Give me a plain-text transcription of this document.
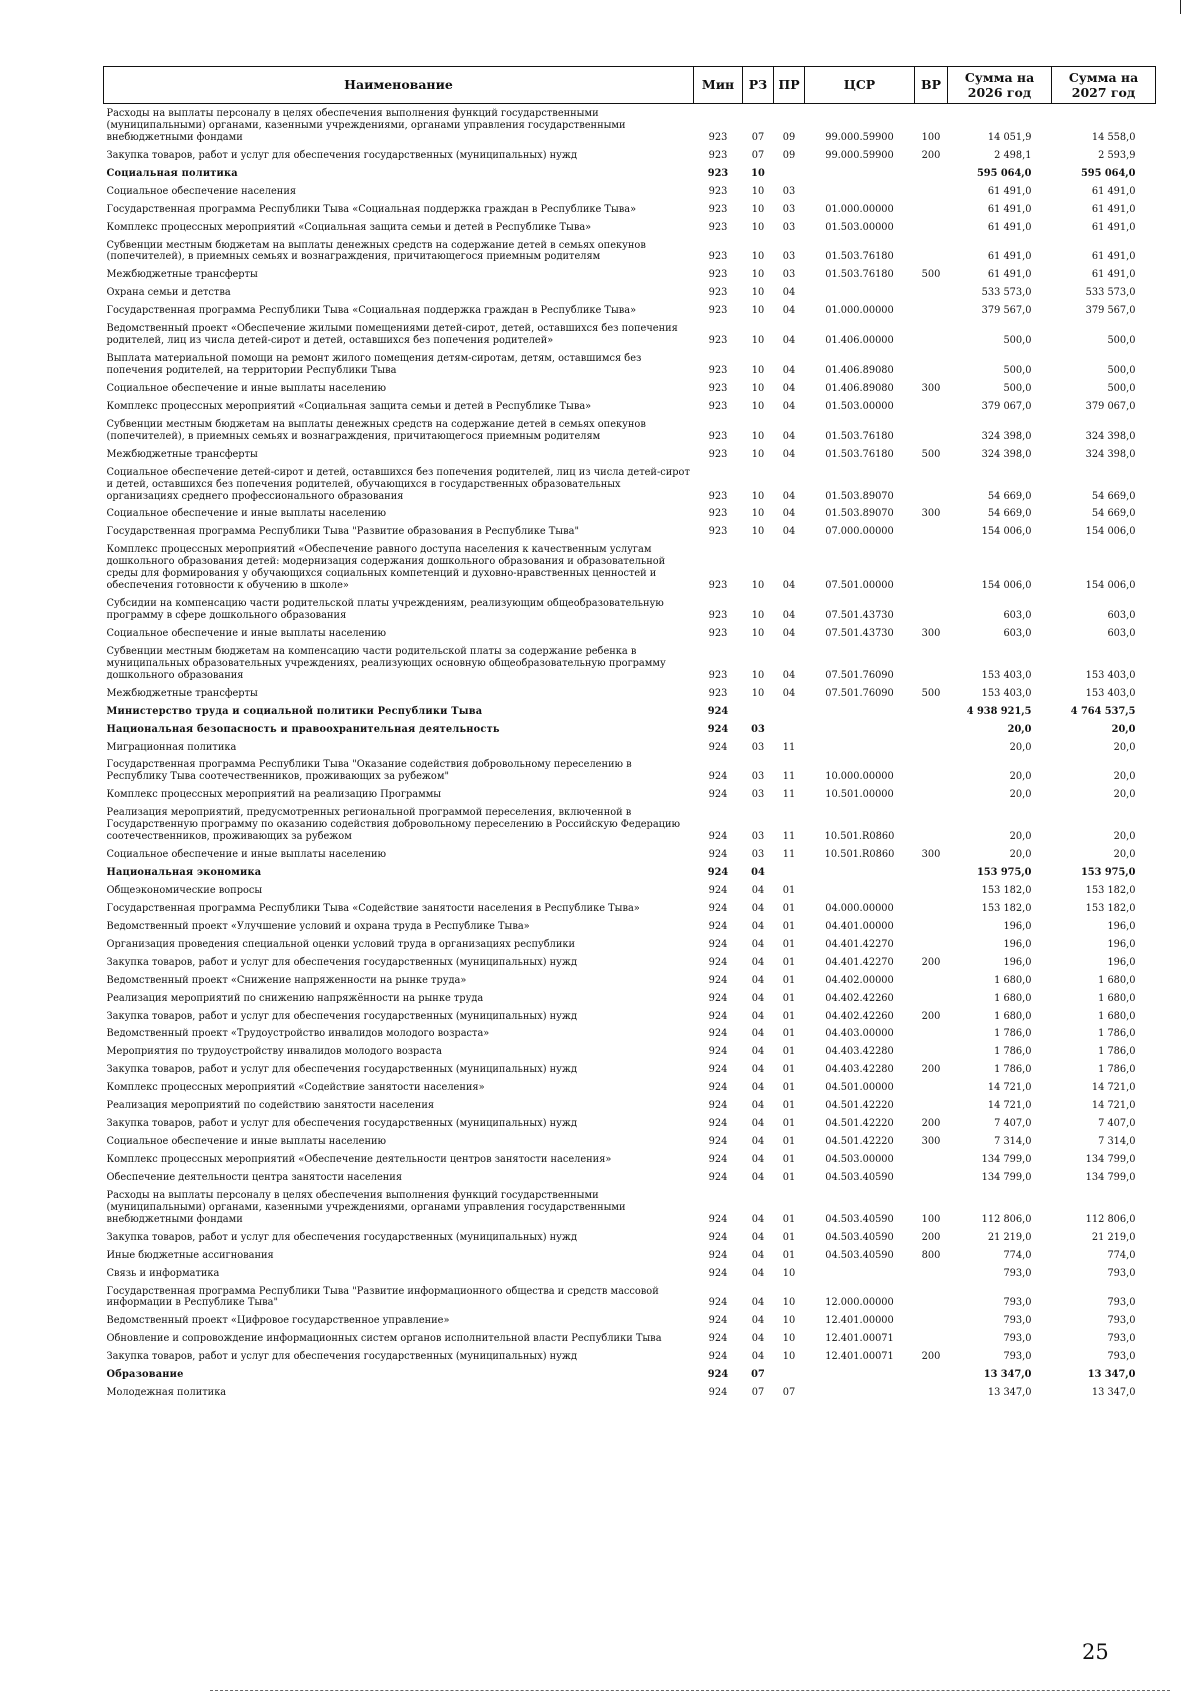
Наименование	Мин	РЗ	ПР	ЦСР	ВР	Сумма на 2026 год	Сумма на 2027 год
Расходы на выплаты персоналу в целях обеспечения выполнения функций государственными (муниципальными) органами, казенными учреждениями, органами управления государственными внебюджетными фондами	923	07	09	99.000.59900	100	14 051,9	14 558,0
Закупка товаров, работ и услуг для обеспечения государственных (муниципальных) нужд	923	07	09	99.000.59900	200	2 498,1	2 593,9
Социальная политика	923	10				595 064,0	595 064,0
Социальное обеспечение населения	923	10	03			61 491,0	61 491,0
Государственная программа Республики Тыва «Социальная поддержка граждан в Республике Тыва»	923	10	03	01.000.00000		61 491,0	61 491,0
Комплекс процессных мероприятий «Социальная защита семьи и детей в Республике Тыва»	923	10	03	01.503.00000		61 491,0	61 491,0
Субвенции местным бюджетам на выплаты денежных средств на содержание детей в семьях опекунов (попечителей), в приемных семьях и вознаграждения, причитающегося приемным родителям	923	10	03	01.503.76180		61 491,0	61 491,0
Межбюджетные трансферты	923	10	03	01.503.76180	500	61 491,0	61 491,0
Охрана семьи и детства	923	10	04			533 573,0	533 573,0
Государственная программа Республики Тыва «Социальная поддержка граждан в Республике Тыва»	923	10	04	01.000.00000		379 567,0	379 567,0
Ведомственный проект «Обеспечение жилыми помещениями детей-сирот, детей, оставшихся без попечения родителей, лиц из числа детей-сирот и детей, оставшихся без попечения родителей»	923	10	04	01.406.00000		500,0	500,0
Выплата материальной помощи на ремонт жилого помещения детям-сиротам, детям, оставшимся без попечения родителей, на территории Республики Тыва	923	10	04	01.406.89080		500,0	500,0
Социальное обеспечение и иные выплаты населению	923	10	04	01.406.89080	300	500,0	500,0
Комплекс процессных мероприятий «Социальная защита семьи и детей в Республике Тыва»	923	10	04	01.503.00000		379 067,0	379 067,0
Субвенции местным бюджетам на выплаты денежных средств на содержание детей в семьях опекунов (попечителей), в приемных семьях и вознаграждения, причитающегося приемным родителям	923	10	04	01.503.76180		324 398,0	324 398,0
Межбюджетные трансферты	923	10	04	01.503.76180	500	324 398,0	324 398,0
Социальное обеспечение детей-сирот и детей, оставшихся без попечения родителей, лиц из числа детей-сирот и детей, оставшихся без попечения родителей, обучающихся в государственных образовательных организациях среднего профессионального образования	923	10	04	01.503.89070		54 669,0	54 669,0
Социальное обеспечение и иные выплаты населению	923	10	04	01.503.89070	300	54 669,0	54 669,0
Государственная программа Республики Тыва "Развитие образования в Республике Тыва"	923	10	04	07.000.00000		154 006,0	154 006,0
Комплекс процессных мероприятий «Обеспечение равного доступа населения к качественным услугам дошкольного образования детей: модернизация содержания дошкольного образования и образовательной среды для формирования у обучающихся социальных компетенций и духовно-нравственных ценностей и обеспечения готовности к обучению в школе»	923	10	04	07.501.00000		154 006,0	154 006,0
Субсидии на компенсацию части родительской платы учреждениям, реализующим общеобразовательную программу в сфере дошкольного образования	923	10	04	07.501.43730		603,0	603,0
Социальное обеспечение и иные выплаты населению	923	10	04	07.501.43730	300	603,0	603,0
Субвенции местным бюджетам на компенсацию части родительской платы за содержание ребенка в муниципальных образовательных учреждениях, реализующих основную общеобразовательную программу дошкольного образования	923	10	04	07.501.76090		153 403,0	153 403,0
Межбюджетные трансферты	923	10	04	07.501.76090	500	153 403,0	153 403,0
Министерство труда и социальной политики Республики Тыва	924					4 938 921,5	4 764 537,5
Национальная безопасность и правоохранительная деятельность	924	03				20,0	20,0
Миграционная политика	924	03	11			20,0	20,0
Государственная программа Республики Тыва "Оказание содействия добровольному переселению в Республику Тыва соотечественников, проживающих за рубежом"	924	03	11	10.000.00000		20,0	20,0
Комплекс процессных мероприятий на реализацию Программы	924	03	11	10.501.00000		20,0	20,0
Реализация мероприятий, предусмотренных региональной программой переселения, включенной в Государственную программу по оказанию содействия добровольному переселению в Российскую Федерацию соотечественников, проживающих за рубежом	924	03	11	10.501.R0860		20,0	20,0
Социальное обеспечение и иные выплаты населению	924	03	11	10.501.R0860	300	20,0	20,0
Национальная экономика	924	04				153 975,0	153 975,0
Общеэкономические вопросы	924	04	01			153 182,0	153 182,0
Государственная программа Республики Тыва «Содействие занятости населения в Республике Тыва»	924	04	01	04.000.00000		153 182,0	153 182,0
Ведомственный проект «Улучшение условий и охрана труда в Республике Тыва»	924	04	01	04.401.00000		196,0	196,0
Организация проведения специальной оценки условий труда в организациях республики	924	04	01	04.401.42270		196,0	196,0
Закупка товаров, работ и услуг для обеспечения государственных (муниципальных) нужд	924	04	01	04.401.42270	200	196,0	196,0
Ведомственный проект «Снижение напряженности на рынке труда»	924	04	01	04.402.00000		1 680,0	1 680,0
Реализация мероприятий по снижению напряжённости на рынке труда	924	04	01	04.402.42260		1 680,0	1 680,0
Закупка товаров, работ и услуг для обеспечения государственных (муниципальных) нужд	924	04	01	04.402.42260	200	1 680,0	1 680,0
Ведомственный проект «Трудоустройство инвалидов молодого возраста»	924	04	01	04.403.00000		1 786,0	1 786,0
Мероприятия по трудоустройству инвалидов молодого возраста	924	04	01	04.403.42280		1 786,0	1 786,0
Закупка товаров, работ и услуг для обеспечения государственных (муниципальных) нужд	924	04	01	04.403.42280	200	1 786,0	1 786,0
Комплекс процессных мероприятий «Содействие занятости населения»	924	04	01	04.501.00000		14 721,0	14 721,0
Реализация мероприятий по содействию занятости населения	924	04	01	04.501.42220		14 721,0	14 721,0
Закупка товаров, работ и услуг для обеспечения государственных (муниципальных) нужд	924	04	01	04.501.42220	200	7 407,0	7 407,0
Социальное обеспечение и иные выплаты населению	924	04	01	04.501.42220	300	7 314,0	7 314,0
Комплекс процессных мероприятий «Обеспечение деятельности центров занятости населения»	924	04	01	04.503.00000		134 799,0	134 799,0
Обеспечение деятельности центра занятости населения	924	04	01	04.503.40590		134 799,0	134 799,0
Расходы на выплаты персоналу в целях обеспечения выполнения функций государственными (муниципальными) органами, казенными учреждениями, органами управления государственными внебюджетными фондами	924	04	01	04.503.40590	100	112 806,0	112 806,0
Закупка товаров, работ и услуг для обеспечения государственных (муниципальных) нужд	924	04	01	04.503.40590	200	21 219,0	21 219,0
Иные бюджетные ассигнования	924	04	01	04.503.40590	800	774,0	774,0
Связь и информатика	924	04	10			793,0	793,0
Государственная программа Республики Тыва "Развитие информационного общества и средств массовой информации в Республике Тыва"	924	04	10	12.000.00000		793,0	793,0
Ведомственный проект «Цифровое государственное управление»	924	04	10	12.401.00000		793,0	793,0
Обновление и сопровождение информационных систем органов исполнительной власти Республики Тыва	924	04	10	12.401.00071		793,0	793,0
Закупка товаров, работ и услуг для обеспечения государственных (муниципальных) нужд	924	04	10	12.401.00071	200	793,0	793,0
Образование	924	07				13 347,0	13 347,0
Молодежная политика	924	07	07			13 347,0	13 347,0
25
